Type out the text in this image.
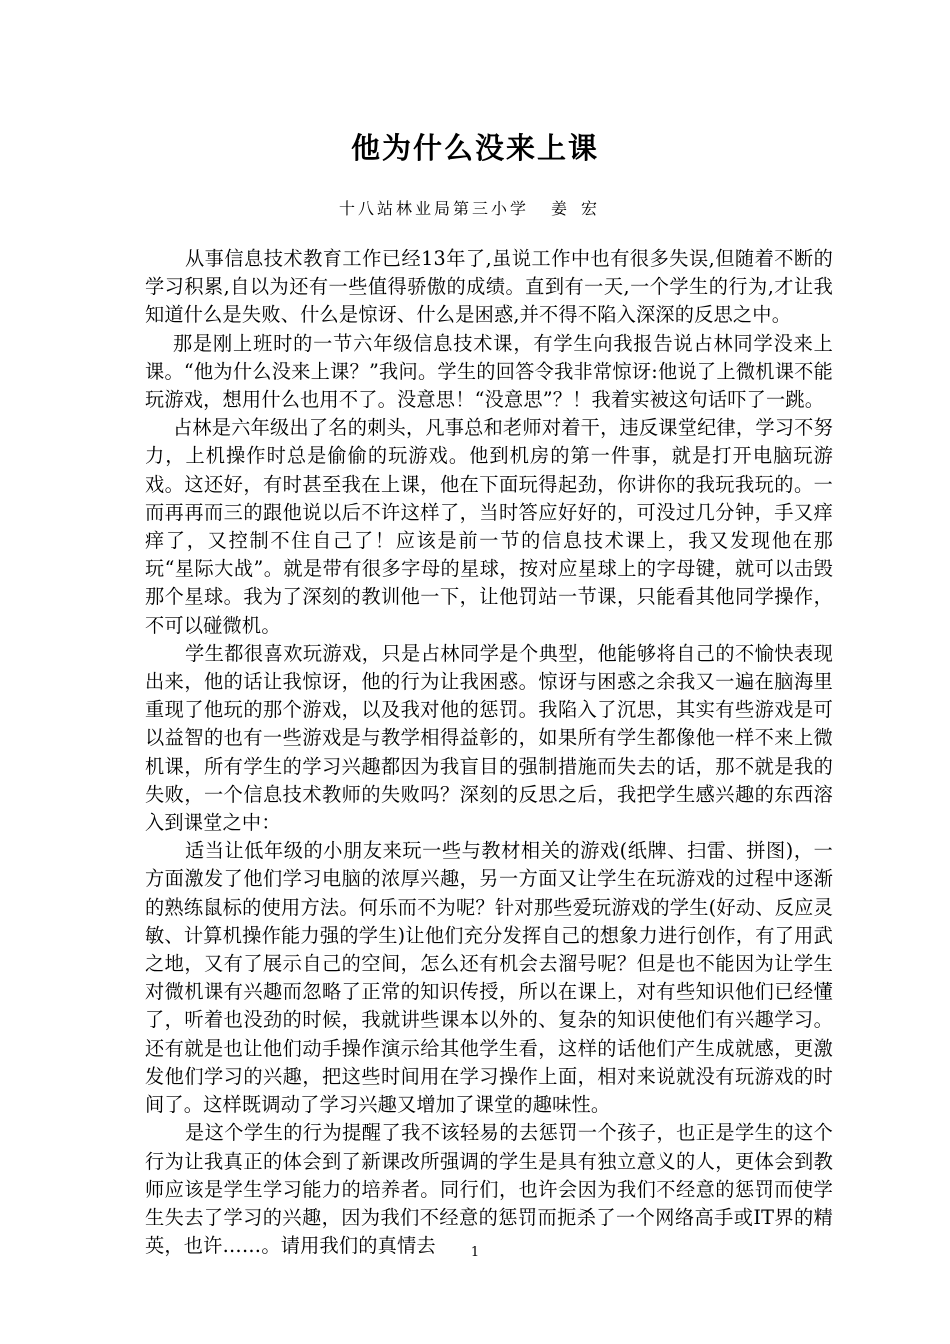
他为什么没来上课
十八站林业局第三小学 姜宏

从事信息技术教育工作已经13年了,虽说工作中也有很多失误,但随着不断的学习积累,自以为还有一些值得骄傲的成绩。直到有一天,一个学生的行为,才让我知道什么是失败、什么是惊讶、什么是困惑,并不得不陷入深深的反思之中。

那是刚上班时的一节六年级信息技术课，有学生向我报告说占林同学没来上课。“他为什么没来上课？”我问。学生的回答令我非常惊讶:他说了上微机课不能玩游戏，想用什么也用不了。没意思！“没意思”？！我着实被这句话吓了一跳。

占林是六年级出了名的刺头，凡事总和老师对着干，违反课堂纪律，学习不努力，上机操作时总是偷偷的玩游戏。他到机房的第一件事，就是打开电脑玩游戏。这还好，有时甚至我在上课，他在下面玩得起劲，你讲你的我玩我玩的。一而再再而三的跟他说以后不许这样了，当时答应好好的，可没过几分钟，手又痒痒了，又控制不住自己了！应该是前一节的信息技术课上，我又发现他在那玩“星际大战”。就是带有很多字母的星球，按对应星球上的字母键，就可以击毁那个星球。我为了深刻的教训他一下，让他罚站一节课，只能看其他同学操作，不可以碰微机。

学生都很喜欢玩游戏，只是占林同学是个典型，他能够将自己的不愉快表现出来，他的话让我惊讶，他的行为让我困惑。惊讶与困惑之余我又一遍在脑海里重现了他玩的那个游戏，以及我对他的惩罚。我陷入了沉思，其实有些游戏是可以益智的也有一些游戏是与教学相得益彰的，如果所有学生都像他一样不来上微机课，所有学生的学习兴趣都因为我盲目的强制措施而失去的话，那不就是我的失败，一个信息技术教师的失败吗？深刻的反思之后，我把学生感兴趣的东西溶入到课堂之中：

适当让低年级的小朋友来玩一些与教材相关的游戏(纸牌、扫雷、拼图)，一方面激发了他们学习电脑的浓厚兴趣，另一方面又让学生在玩游戏的过程中逐渐的熟练鼠标的使用方法。何乐而不为呢？针对那些爱玩游戏的学生(好动、反应灵敏、计算机操作能力强的学生)让他们充分发挥自己的想象力进行创作，有了用武之地，又有了展示自己的空间，怎么还有机会去溜号呢？但是也不能因为让学生对微机课有兴趣而忽略了正常的知识传授，所以在课上，对有些知识他们已经懂了，听着也没劲的时候，我就讲些课本以外的、复杂的知识使他们有兴趣学习。还有就是也让他们动手操作演示给其他学生看，这样的话他们产生成就感，更激发他们学习的兴趣，把这些时间用在学习操作上面，相对来说就没有玩游戏的时间了。这样既调动了学习兴趣又增加了课堂的趣味性。

是这个学生的行为提醒了我不该轻易的去惩罚一个孩子，也正是学生的这个行为让我真正的体会到了新课改所强调的学生是具有独立意义的人，更体会到教师应该是学生学习能力的培养者。同行们，也许会因为我们不经意的惩罚而使学生失去了学习的兴趣，因为我们不经意的惩罚而扼杀了一个网络高手或IT界的精英，也许……。请用我们的真情去	1
